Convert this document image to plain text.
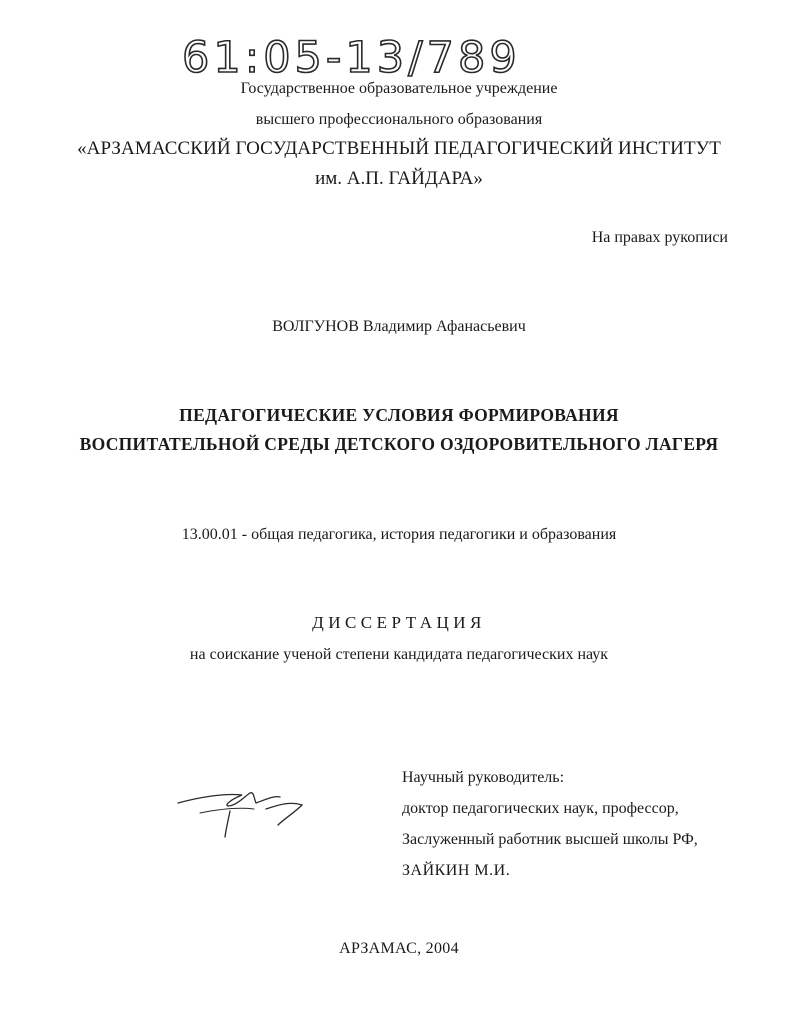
61:05-13/789
Государственное образовательное учреждение
высшего профессионального образования
«АРЗАМАССКИЙ ГОСУДАРСТВЕННЫЙ ПЕДАГОГИЧЕСКИЙ ИНСТИТУТ
им. А.П. ГАЙДАРА»
На правах рукописи
ВОЛГУНОВ Владимир Афанасьевич
ПЕДАГОГИЧЕСКИЕ УСЛОВИЯ ФОРМИРОВАНИЯ
ВОСПИТАТЕЛЬНОЙ СРЕДЫ ДЕТСКОГО ОЗДОРОВИТЕЛЬНОГО ЛАГЕРЯ
13.00.01 - общая педагогика, история педагогики и образования
ДИССЕРТАЦИЯ
на соискание ученой степени кандидата педагогических наук
Научный руководитель:
доктор педагогических наук, профессор,
Заслуженный работник высшей школы РФ,
ЗАЙКИН М.И.
АРЗАМАС, 2004
